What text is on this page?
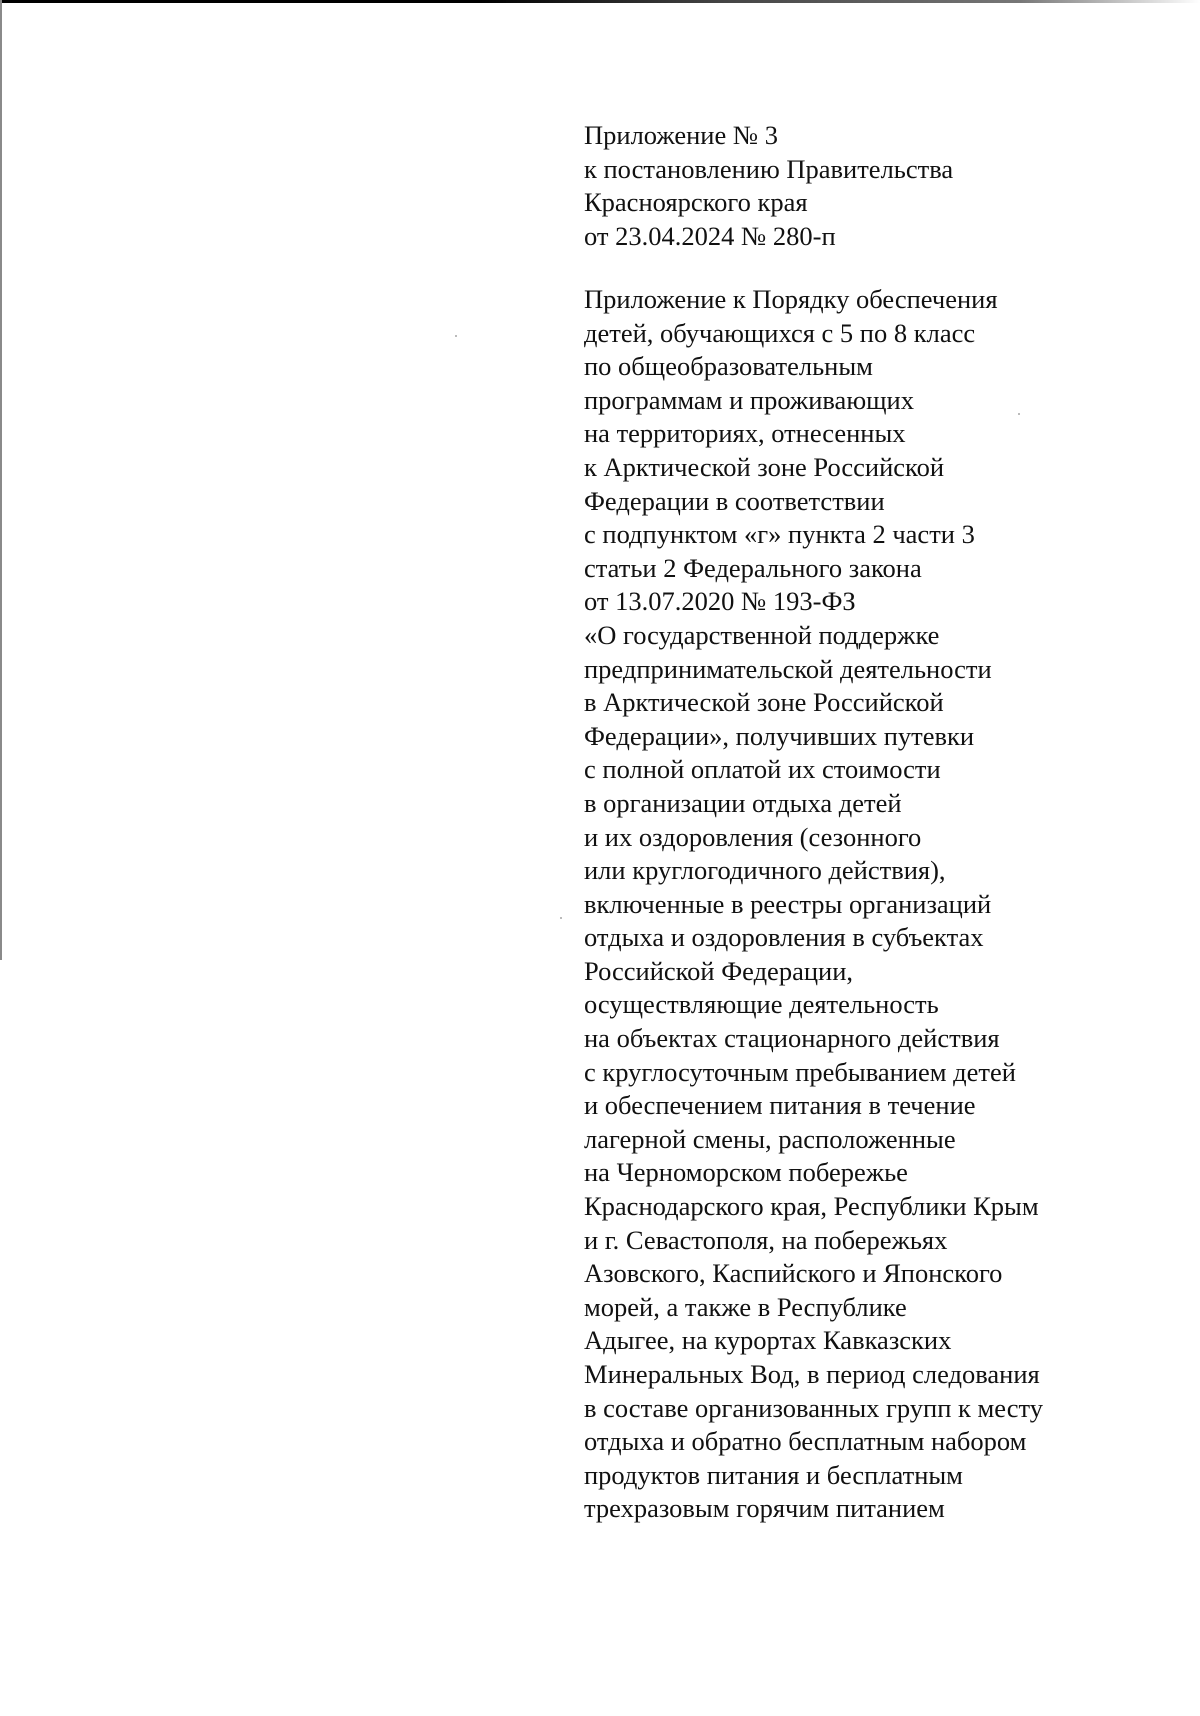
Приложение № 3
к постановлению Правительства
Красноярского края
от 23.04.2024 № 280-п
Приложение к Порядку обеспечения
детей, обучающихся с 5 по 8 класс
по общеобразовательным
программам и проживающих
на территориях, отнесенных
к Арктической зоне Российской
Федерации в соответствии
с подпунктом «г» пункта 2 части 3
статьи 2 Федерального закона
от 13.07.2020 № 193-ФЗ
«О государственной поддержке
предпринимательской деятельности
в Арктической зоне Российской
Федерации», получивших путевки
с полной оплатой их стоимости
в организации отдыха детей
и их оздоровления (сезонного
или круглогодичного действия),
включенные в реестры организаций
отдыха и оздоровления в субъектах
Российской Федерации,
осуществляющие деятельность
на объектах стационарного действия
с круглосуточным пребыванием детей
и обеспечением питания в течение
лагерной смены, расположенные
на Черноморском побережье
Краснодарского края, Республики Крым
и г. Севастополя, на побережьях
Азовского, Каспийского и Японского
морей, а также в Республике
Адыгее, на курортах Кавказских
Минеральных Вод, в период следования
в составе организованных групп к месту
отдыха и обратно бесплатным набором
продуктов питания и бесплатным
трехразовым горячим питанием
